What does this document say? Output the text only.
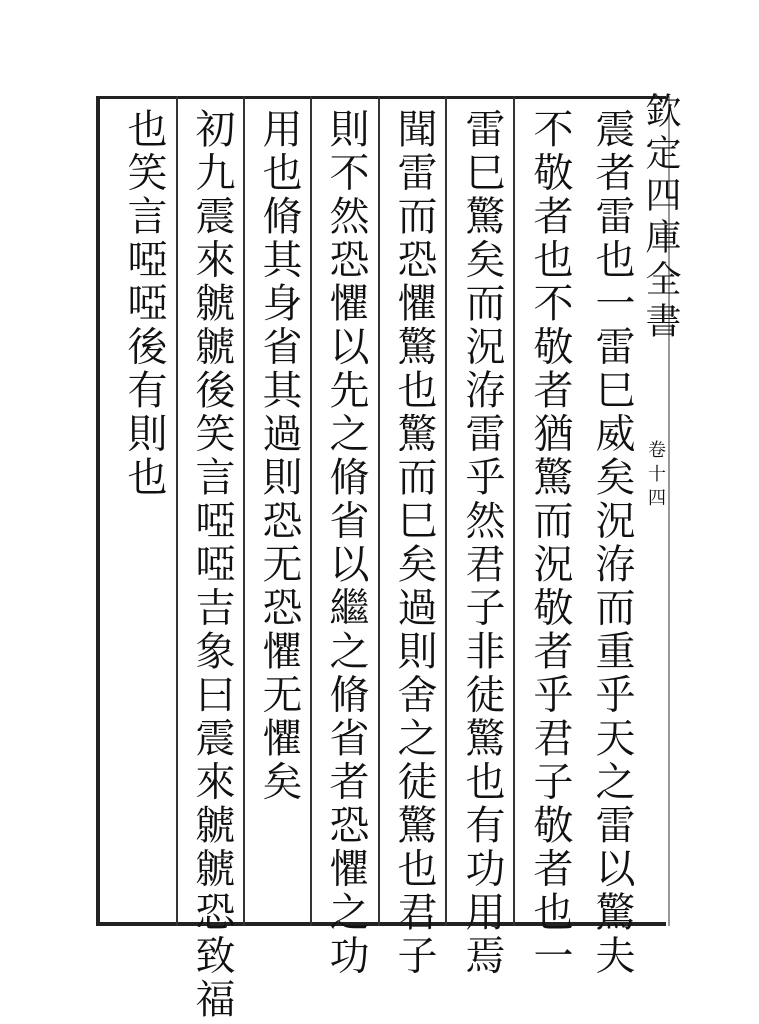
欽定四庫全書
卷十四
震者雷也一雷巳威矣況洊而重乎天之雷以驚夫
不敬者也不敬者猶驚而況敬者乎君子敬者也一
雷巳驚矣而況洊雷乎然君子非徒驚也有功用焉
聞雷而恐懼驚也驚而巳矣過則舍之徒驚也君子
則不然恐懼以先之脩省以繼之脩省者恐懼之功
用也脩其身省其過則恐无恐懼无懼矣
初九震來虩虩後笑言啞啞吉象曰震來虩虩恐致福
也笑言啞啞後有則也
